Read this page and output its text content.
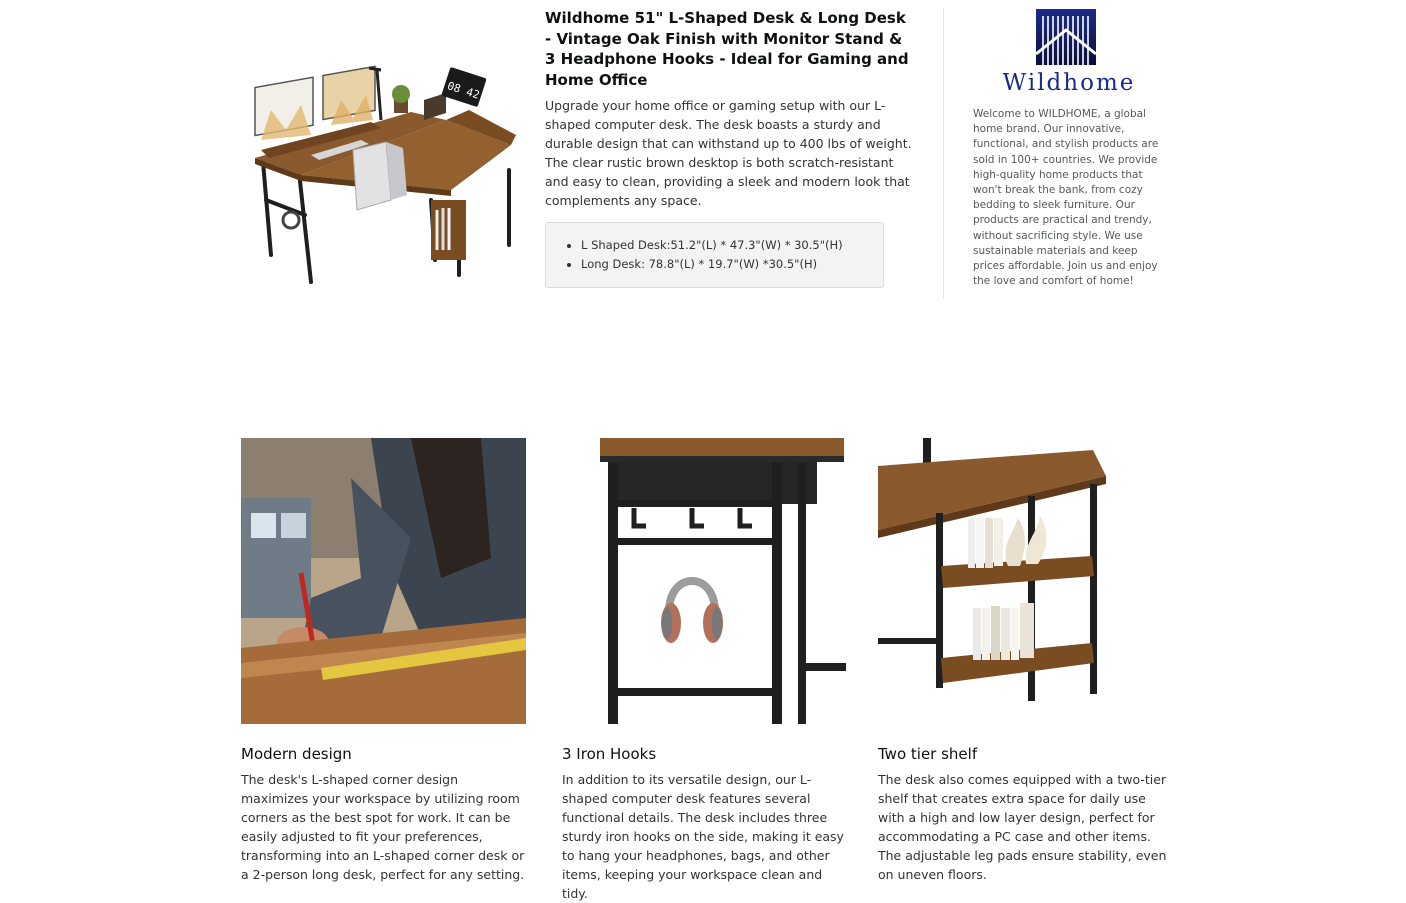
08 42
Wildhome 51" L-Shaped Desk & Long Desk - Vintage Oak Finish with Monitor Stand & 3 Headphone Hooks - Ideal for Gaming and Home Office

Upgrade your home office or gaming setup with our L-shaped computer desk. The desk boasts a sturdy and durable design that can withstand up to 400 lbs of weight. The clear rustic brown desktop is both scratch-resistant and easy to clean, providing a sleek and modern look that complements any space.

• L Shaped Desk:51.2"(L) * 47.3"(W) * 30.5"(H)
• Long Desk: 78.8"(L) * 19.7"(W) *30.5"(H)
Wildhome

Welcome to WILDHOME, a global home brand. Our innovative, functional, and stylish products are sold in 100+ countries. We provide high-quality home products that won't break the bank, from cozy bedding to sleek furniture. Our products are practical and trendy, without sacrificing style. We use sustainable materials and keep prices affordable. Join us and enjoy the love and comfort of home!

Modern design

The desk's L-shaped corner design maximizes your workspace by utilizing room corners as the best spot for work. It can be easily adjusted to fit your preferences, transforming into an L-shaped corner desk or a 2-person long desk, perfect for any setting.

3 Iron Hooks

In addition to its versatile design, our L-shaped computer desk features several functional details. The desk includes three sturdy iron hooks on the side, making it easy to hang your headphones, bags, and other items, keeping your workspace clean and tidy.

Two tier shelf

The desk also comes equipped with a two-tier shelf that creates extra space for daily use with a high and low layer design, perfect for accommodating a PC case and other items. The adjustable leg pads ensure stability, even on uneven floors.
